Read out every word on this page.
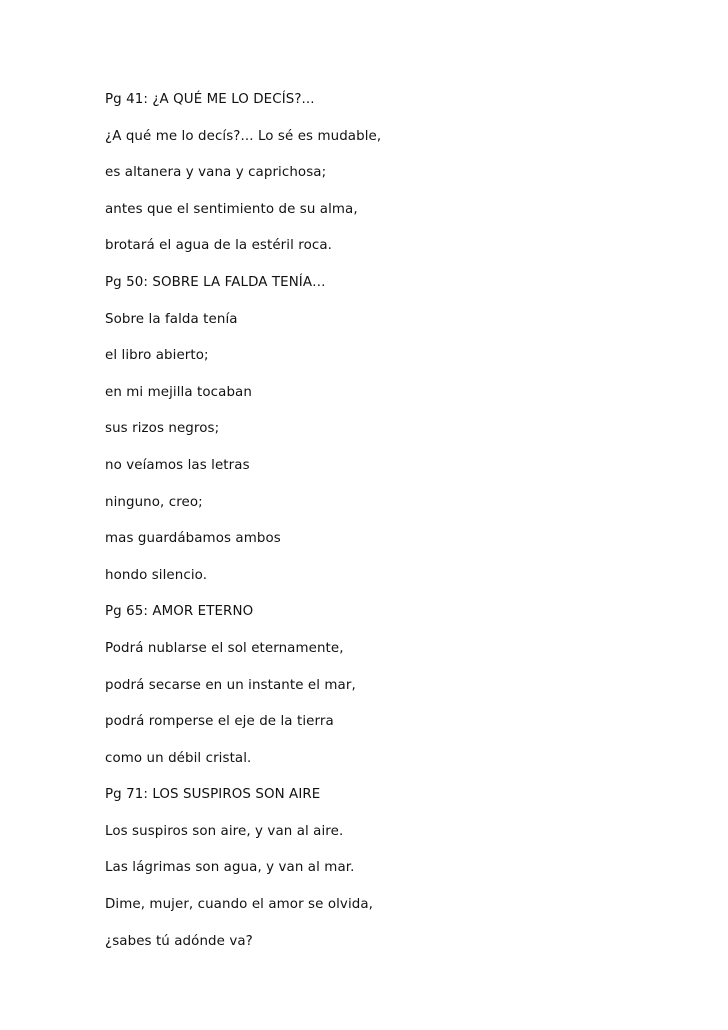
Pg 41: ¿A QUÉ ME LO DECÍS?...
¿A qué me lo decís?... Lo sé es mudable,
es altanera y vana y caprichosa;
antes que el sentimiento de su alma,
brotará el agua de la estéril roca.
Pg 50: SOBRE LA FALDA TENÍA…
Sobre la falda tenía
el libro abierto;
en mi mejilla tocaban
sus rizos negros;
no veíamos las letras
ninguno, creo;
mas guardábamos ambos
hondo silencio.
Pg 65: AMOR ETERNO
Podrá nublarse el sol eternamente,
podrá secarse en un instante el mar,
podrá romperse el eje de la tierra
como un débil cristal.
Pg 71: LOS SUSPIROS SON AIRE
Los suspiros son aire, y van al aire.
Las lágrimas son agua, y van al mar.
Dime, mujer, cuando el amor se olvida,
¿sabes tú adónde va?
